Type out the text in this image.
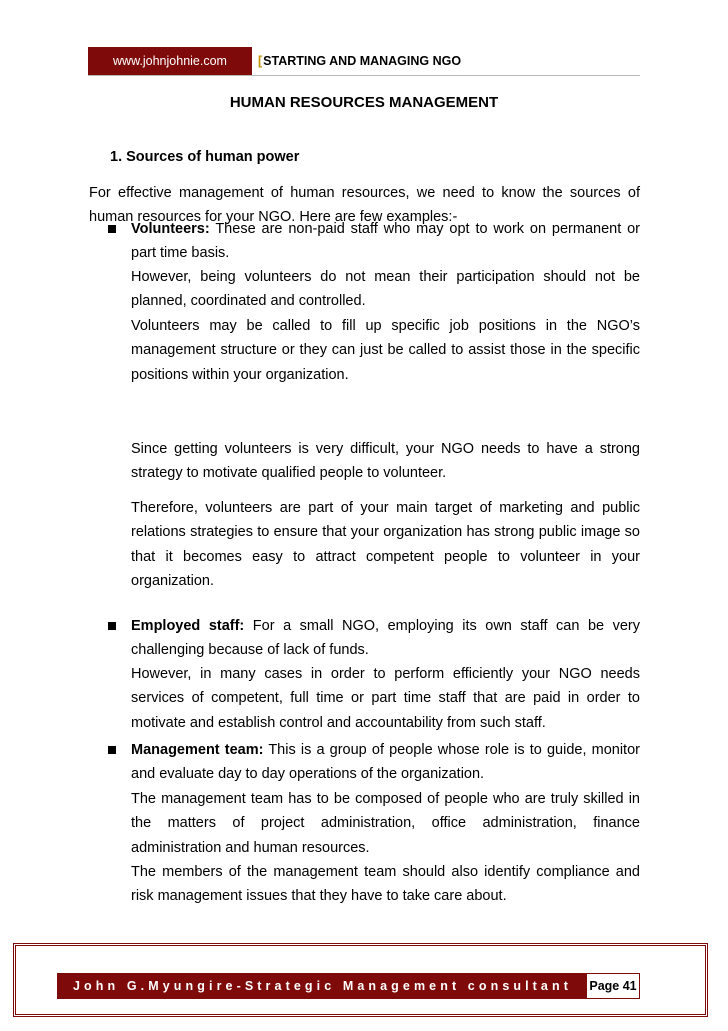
www.johnjohnie.com	[STARTING AND MANAGING NGO
HUMAN RESOURCES MANAGEMENT
1. Sources of human power

For effective management of human resources, we need to know the sources of human resources for your NGO. Here are few examples:-

Volunteers: These are non-paid staff who may opt to work on permanent or part time basis.

However, being volunteers do not mean their participation should not be planned, coordinated and controlled.

Volunteers may be called to fill up specific job positions in the NGO’s management structure or they can just be called to assist those in the specific positions within your organization.

Since getting volunteers is very difficult, your NGO needs to have a strong strategy to motivate qualified people to volunteer.

Therefore, volunteers are part of your main target of marketing and public relations strategies to ensure that your organization has strong public image so that it becomes easy to attract competent people to volunteer in your organization.

Employed staff: For a small NGO, employing its own staff can be very challenging because of lack of funds.

However, in many cases in order to perform efficiently your NGO needs services of competent, full time or part time staff that are paid in order to motivate and establish control and accountability from such staff.

Management team: This is a group of people whose role is to guide, monitor and evaluate day to day operations of the organization.

The management team has to be composed of people who are truly skilled in the matters of project administration, office administration, finance administration and human resources.

The members of the management team should also identify compliance and risk management issues that they have to take care about.

John G.Myungire-Strategic Management consultant Page 41
